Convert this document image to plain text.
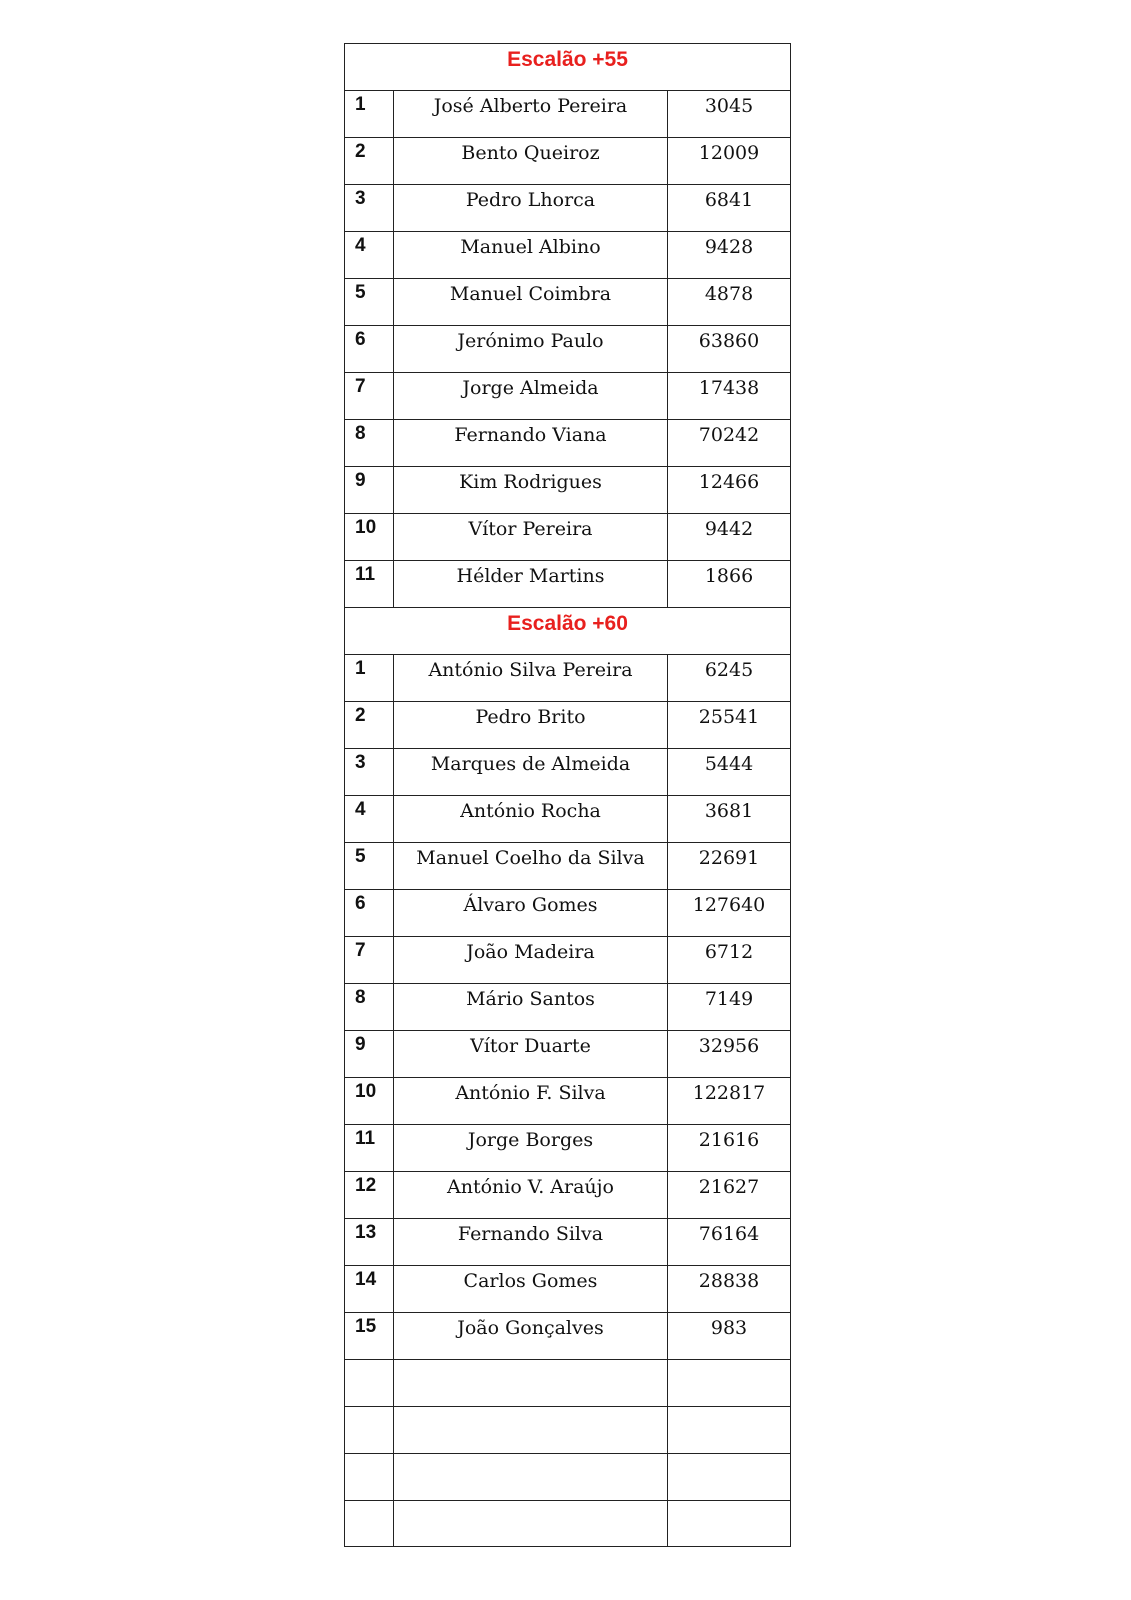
Escalão +55
1	José Alberto Pereira	3045
2	Bento Queiroz	12009
3	Pedro Lhorca	6841
4	Manuel Albino	9428
5	Manuel Coimbra	4878
6	Jerónimo Paulo	63860
7	Jorge Almeida	17438
8	Fernando Viana	70242
9	Kim Rodrigues	12466
10	Vítor Pereira	9442
11	Hélder Martins	1866
Escalão +60
1	António Silva Pereira	6245
2	Pedro Brito	25541
3	Marques de Almeida	5444
4	António Rocha	3681
5	Manuel Coelho da Silva	22691
6	Álvaro Gomes	127640
7	João Madeira	6712
8	Mário Santos	7149
9	Vítor Duarte	32956
10	António F. Silva	122817
11	Jorge Borges	21616
12	António V. Araújo	21627
13	Fernando Silva	76164
14	Carlos Gomes	28838
15	João Gonçalves	983
